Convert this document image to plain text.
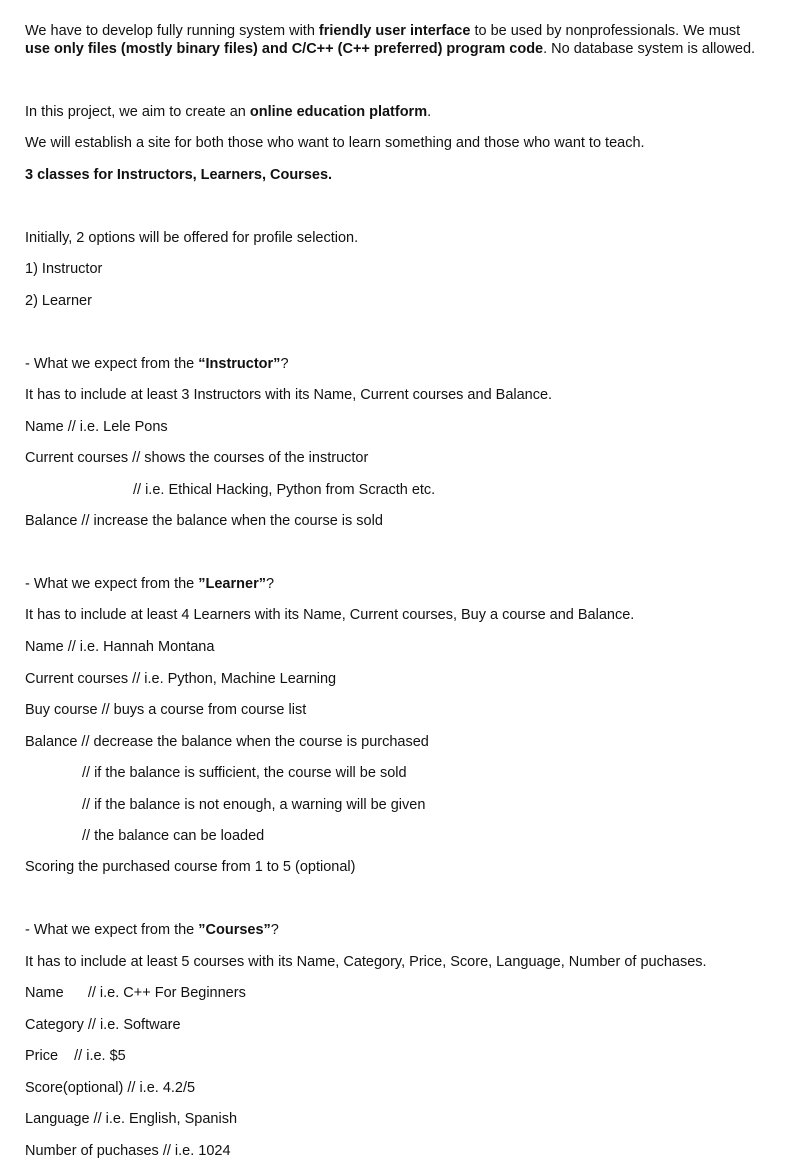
We have to develop fully running system with friendly user interface to be used by nonprofessionals. We must
use only files (mostly binary files) and C/C++ (C++ preferred) program code. No database system is allowed.
In this project, we aim to create an online education platform.
We will establish a site for both those who want to learn something and those who want to teach.
3 classes for Instructors, Learners, Courses.
Initially, 2 options will be offered for profile selection.
1) Instructor
2) Learner
- What we expect from the “Instructor”?
It has to include at least 3 Instructors with its Name, Current courses and Balance.
Name // i.e. Lele Pons
Current courses // shows the courses of the instructor
// i.e. Ethical Hacking, Python from Scracth etc.
Balance // increase the balance when the course is sold
- What we expect from the ”Learner”?
It has to include at least 4 Learners with its Name, Current courses, Buy a course and Balance.
Name // i.e. Hannah Montana
Current courses // i.e. Python, Machine Learning
Buy course // buys a course from course list
Balance // decrease the balance when the course is purchased
// if the balance is sufficient, the course will be sold
// if the balance is not enough, a warning will be given
// the balance can be loaded
Scoring the purchased course from 1 to 5 (optional)
- What we expect from the ”Courses”?
It has to include at least 5 courses with its Name, Category, Price, Score, Language, Number of puchases.
Name      // i.e. C++ For Beginners
Category // i.e. Software
Price    // i.e. $5
Score(optional) // i.e. 4.2/5
Language // i.e. English, Spanish
Number of puchases // i.e. 1024
